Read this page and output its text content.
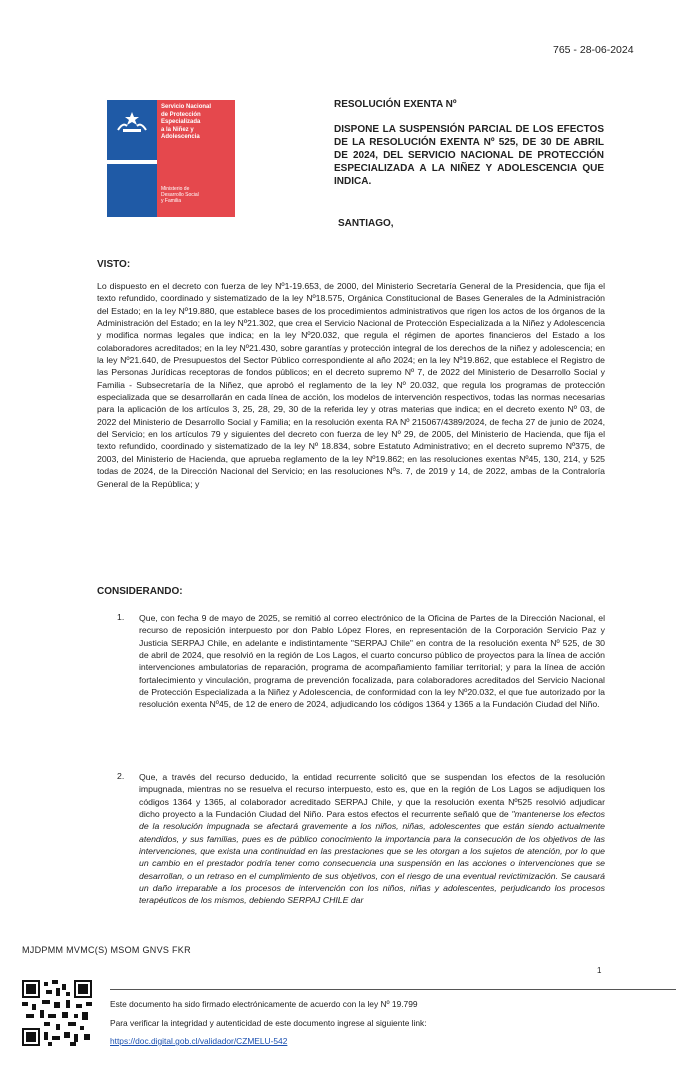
765 - 28-06-2024
Servicio Nacional
de Protección
Especializada
a la Niñez y
Adolescencia
Ministerio de
Desarrollo Social
y Familia
RESOLUCIÓN EXENTA Nº
DISPONE LA SUSPENSIÓN PARCIAL DE LOS EFECTOS DE LA RESOLUCIÓN EXENTA Nº 525, DE 30 DE ABRIL DE 2024, DEL SERVICIO NACIONAL DE PROTECCIÓN ESPECIALIZADA A LA NIÑEZ Y ADOLESCENCIA QUE INDICA.
SANTIAGO,
VISTO:
Lo dispuesto en el decreto con fuerza de ley Nº1-19.653, de 2000, del Ministerio Secretaría General de la Presidencia, que fija el texto refundido, coordinado y sistematizado de la ley Nº18.575, Orgánica Constitucional de Bases Generales de la Administración del Estado; en la ley Nº19.880, que establece bases de los procedimientos administrativos que rigen los actos de los órganos de la Administración del Estado; en la ley Nº21.302, que crea el Servicio Nacional de Protección Especializada a la Niñez y Adolescencia y modifica normas legales que indica; en la ley Nº20.032, que regula el régimen de aportes financieros del Estado a los colaboradores acreditados; en la ley Nº21.430, sobre garantías y protección integral de los derechos de la niñez y adolescencia; en la ley Nº21.640, de Presupuestos del Sector Público correspondiente al año 2024; en la ley Nº19.862, que establece el Registro de las Personas Jurídicas receptoras de fondos públicos; en el decreto supremo Nº 7, de 2022 del Ministerio de Desarrollo Social y Familia - Subsecretaría de la Niñez, que aprobó el reglamento de la ley Nº 20.032, que regula los programas de protección especializada que se desarrollarán en cada línea de acción, los modelos de intervención respectivos, todas las normas necesarias para la aplicación de los artículos 3, 25, 28, 29, 30 de la referida ley y otras materias que indica; en el decreto exento Nº 03, de 2022 del Ministerio de Desarrollo Social y Familia; en la resolución exenta RA Nº 215067/4389/2024, de fecha 27 de junio de 2024, del Servicio; en los artículos 79 y siguientes del decreto con fuerza de ley Nº 29, de 2005, del Ministerio de Hacienda, que fija el texto refundido, coordinado y sistematizado de la ley Nº 18.834, sobre Estatuto Administrativo; en el decreto supremo Nº375, de 2003, del Ministerio de Hacienda, que aprueba reglamento de la ley Nº19.862; en las resoluciones exentas Nº45, 130, 214, y 525 todas de 2024, de la Dirección Nacional del Servicio; en las resoluciones Nºs. 7, de 2019 y 14, de 2022, ambas de la Contraloría General de la República; y
CONSIDERANDO:
1. Que, con fecha 9 de mayo de 2025, se remitió al correo electrónico de la Oficina de Partes de la Dirección Nacional, el recurso de reposición interpuesto por don Pablo López Flores, en representación de la Corporación Servicio Paz y Justicia SERPAJ Chile, en adelante e indistintamente "SERPAJ Chile" en contra de la resolución exenta Nº 525, de 30 de abril de 2024, que resolvió en la región de Los Lagos, el cuarto concurso público de proyectos para la línea de acción intervenciones ambulatorias de reparación, programa de acompañamiento familiar territorial; y para la línea de acción fortalecimiento y vinculación, programa de prevención focalizada, para colaboradores acreditados del Servicio Nacional de Protección Especializada a la Niñez y Adolescencia, de conformidad con la ley Nº20.032, el que fue autorizado por la resolución exenta Nº45, de 12 de enero de 2024, adjudicando los códigos 1364 y 1365 a la Fundación Ciudad del Niño.
2. Que, a través del recurso deducido, la entidad recurrente solicitó que se suspendan los efectos de la resolución impugnada, mientras no se resuelva el recurso interpuesto, esto es, que en la región de Los Lagos se adjudiquen los códigos 1364 y 1365, al colaborador acreditado SERPAJ Chile, y que la resolución exenta Nº525 resolvió adjudicar dicho proyecto a la Fundación Ciudad del Niño. Para estos efectos el recurrente señaló que de "mantenerse los efectos de la resolución impugnada se afectará gravemente a los niños, niñas, adolescentes que están siendo actualmente atendidos, y sus familias, pues es de público conocimiento la importancia para la consecución de los objetivos de las intervenciones, que exista una continuidad en las prestaciones que se les otorgan a los sujetos de atención, por lo que un cambio en el prestador podría tener como consecuencia una suspensión en las acciones o intervenciones que se desarrollan, o un retraso en el cumplimiento de sus objetivos, con el riesgo de una eventual revictimización. Se causará un daño irreparable a los procesos de intervención con los niños, niñas y adolescentes, perjudicando los procesos terapéuticos de los mismos, debiendo SERPAJ CHILE dar
MJDPMM MVMC(S) MSOM GNVS FKR
1
Este documento ha sido firmado electrónicamente de acuerdo con la ley Nº 19.799
Para verificar la integridad y autenticidad de este documento ingrese al siguiente link:
https://doc.digital.gob.cl/validador/CZMELU-542
